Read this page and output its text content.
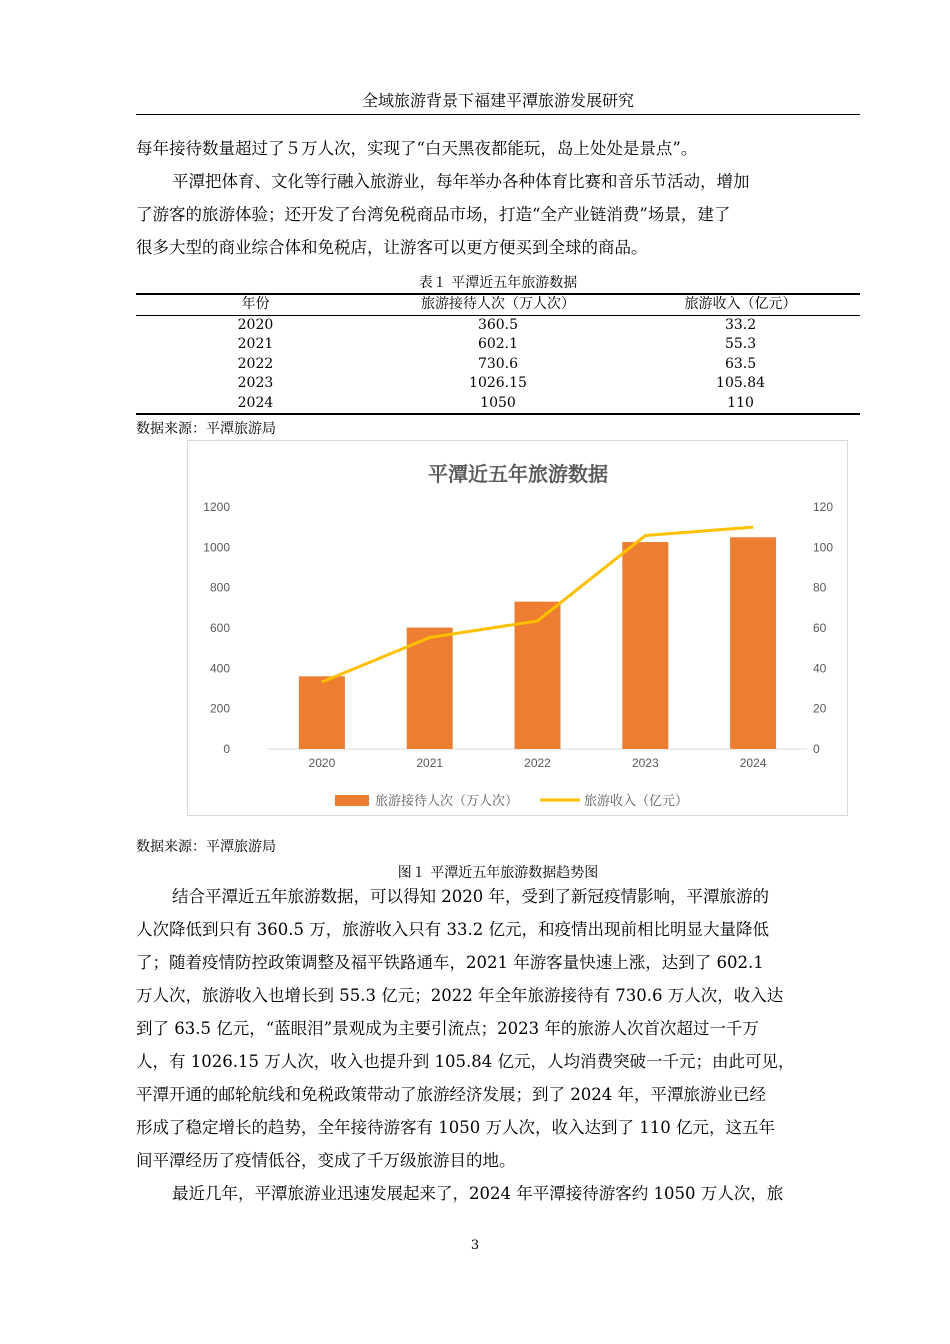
全域旅游背景下福建平潭旅游发展研究
每年接待数量超过了５万人次，实现了“白天黑夜都能玩，岛上处处是景点”。
平潭把体育、文化等行融入旅游业，每年举办各种体育比赛和音乐节活动，增加
了游客的旅游体验；还开发了台湾免税商品市场，打造“全产业链消费”场景，建了
很多大型的商业综合体和免税店，让游客可以更方便买到全球的商品。
表１ 平潭近五年旅游数据
年份	旅游接待人次（万人次）	旅游收入（亿元）
2020	360.5	33.2
2021	602.1	55.3
2022	730.6	63.5
2023	1026.15	105.84
2024	1050	110
数据来源：平潭旅游局
平潭近五年旅游数据
0
200
400
600
800
1000
1200
0
20
40
60
80
100
120
2020	2021	2022	2023	2024
旅游接待人次（万人次）	旅游收入（亿元）
数据来源：平潭旅游局
图１ 平潭近五年旅游数据趋势图
结合平潭近五年旅游数据，可以得知 2020 年，受到了新冠疫情影响，平潭旅游的
人次降低到只有 360.5 万，旅游收入只有 33.2 亿元，和疫情出现前相比明显大量降低
了；随着疫情防控政策调整及福平铁路通车，2021 年游客量快速上涨，达到了 602.1
万人次，旅游收入也增长到 55.3 亿元；2022 年全年旅游接待有 730.6 万人次，收入达
到了 63.5 亿元，“蓝眼泪”景观成为主要引流点；2023 年的旅游人次首次超过一千万
人，有 1026.15 万人次，收入也提升到 105.84 亿元，人均消费突破一千元；由此可见，
平潭开通的邮轮航线和免税政策带动了旅游经济发展；到了 2024 年，平潭旅游业已经
形成了稳定增长的趋势，全年接待游客有 1050 万人次，收入达到了 110 亿元，这五年
间平潭经历了疫情低谷，变成了千万级旅游目的地。
最近几年，平潭旅游业迅速发展起来了，2024 年平潭接待游客约 1050 万人次，旅
3
